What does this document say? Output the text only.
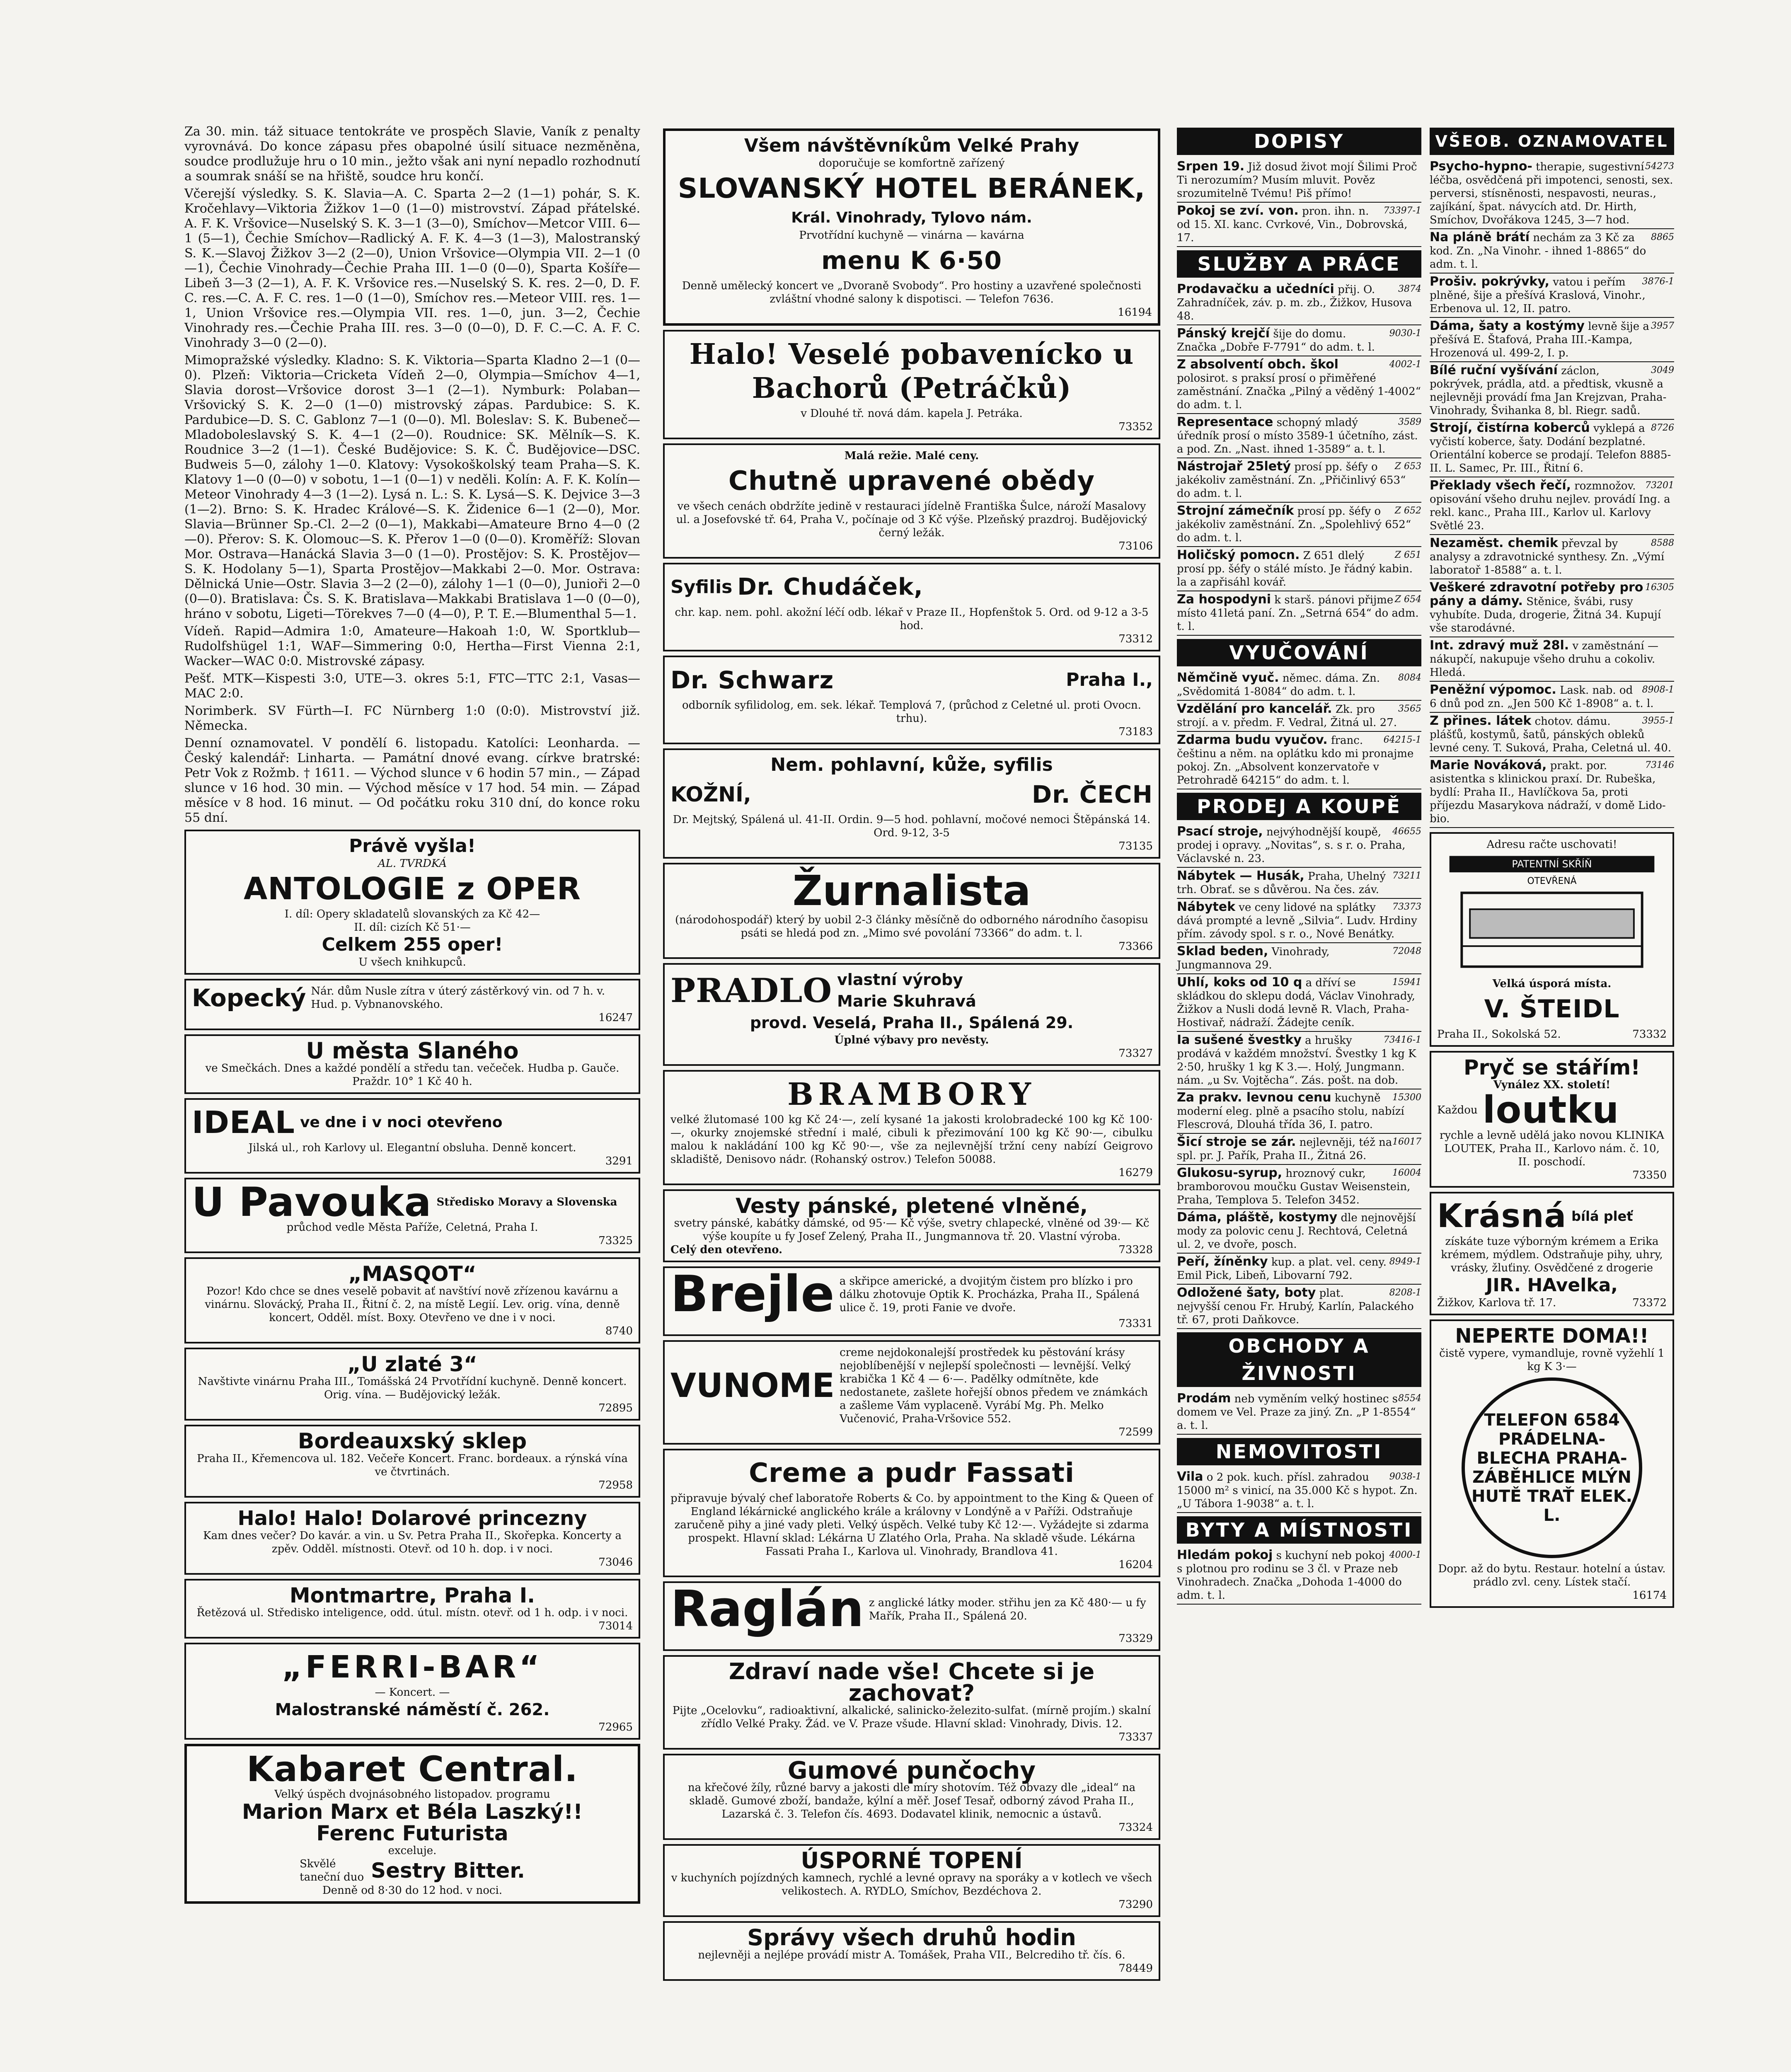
Za 30. min. táž situace tentokráte ve prospěch Slavie, Vaník z penalty vyrovnává. Do konce zápasu přes obapolné úsilí situace nezměněna, soudce prodlužuje hru o 10 min., ježto však ani nyní nepadlo rozhodnutí a soumrak snáší se na hřiště, soudce hru končí.

Včerejší výsledky. S. K. Slavia—A. C. Sparta 2—2 (1—1) pohár, S. K. Kročehlavy—Viktoria Žižkov 1—0 (1—0) mistrovství. Západ přátelské. A. F. K. Vršovice—Nuselský S. K. 3—1 (3—0), Smíchov—Metcor VIII. 6—1 (5—1), Čechie Smíchov—Radlický A. F. K. 4—3 (1—3), Malostranský S. K.—Slavoj Žižkov 3—2 (2—0), Union Vršovice—Olympia VII. 2—1 (0—1), Čechie Vinohrady—Čechie Praha III. 1—0 (0—0), Sparta Košíře—Libeň 3—3 (2—1), A. F. K. Vršovice res.—Nuselský S. K. res. 2—0, D. F. C. res.—C. A. F. C. res. 1—0 (1—0), Smíchov res.—Meteor VIII. res. 1—1, Union Vršovice res.—Olympia VII. res. 1—0, jun. 3—2, Čechie Vinohrady res.—Čechie Praha III. res. 3—0 (0—0), D. F. C.—C. A. F. C. Vinohrady 3—0 (2—0).

Mimopražské výsledky. Kladno: S. K. Viktoria—Sparta Kladno 2—1 (0—0). Plzeň: Viktoria—Cricketa Vídeň 2—0, Olympia—Smíchov 4—1, Slavia dorost—Vršovice dorost 3—1 (2—1). Nymburk: Polaban—Vršovický S. K. 2—0 (1—0) mistrovský zápas. Pardubice: S. K. Pardubice—D. S. C. Gablonz 7—1 (0—0). Ml. Boleslav: S. K. Bubeneč—Mladoboleslavský S. K. 4—1 (2—0). Roudnice: SK. Mělník—S. K. Roudnice 3—2 (1—1). České Budějovice: S. K. Č. Budějovice—DSC. Budweis 5—0, zálohy 1—0. Klatovy: Vysokoškolský team Praha—S. K. Klatovy 1—0 (0—0) v sobotu, 1—1 (0—1) v neděli. Kolín: A. F. K. Kolín—Meteor Vinohrady 4—3 (1—2). Lysá n. L.: S. K. Lysá—S. K. Dejvice 3—3 (1—2). Brno: S. K. Hradec Králové—S. K. Židenice 6—1 (2—0), Mor. Slavia—Brünner Sp.-Cl. 2—2 (0—1), Makkabi—Amateure Brno 4—0 (2—0). Přerov: S. K. Olomouc—S. K. Přerov 1—0 (0—0). Kroměříž: Slovan Mor. Ostrava—Hanácká Slavia 3—0 (1—0). Prostějov: S. K. Prostějov—S. K. Hodolany 5—1), Sparta Prostějov—Makkabi 2—0. Mor. Ostrava: Dělnická Unie—Ostr. Slavia 3—2 (2—0), zálohy 1—1 (0—0), Junioři 2—0 (0—0). Bratislava: Čs. S. K. Bratislava—Makkabi Bratislava 1—0 (0—0), hráno v sobotu, Ligeti—Törekves 7—0 (4—0), P. T. E.—Blumenthal 5—1.

Vídeň. Rapid—Admira 1:0, Amateure—Hakoah 1:0, W. Sportklub—Rudolfshügel 1:1, WAF—Simmering 0:0, Hertha—First Vienna 2:1, Wacker—WAC 0:0. Mistrovské zápasy.

Pešť. MTK—Kispesti 3:0, UTE—3. okres 5:1, FTC—TTC 2:1, Vasas—MAC 2:0.

Norimberk. SV Fürth—I. FC Nürnberg 1:0 (0:0). Mistrovství již. Německa.

Denní oznamovatel. V pondělí 6. listopadu. Katolíci: Leonharda. — Český kalendář: Linharta. — Památní dnové evang. církve bratrské: Petr Vok z Rožmb. † 1611. — Východ slunce v 6 hodin 57 min., — Západ slunce v 16 hod. 30 min. — Východ měsíce v 17 hod. 54 min. — Západ měsíce v 8 hod. 16 minut. — Od počátku roku 310 dní, do konce roku 55 dní.

Právě vyšla!
AL. TVRDKÁ
ANTOLOGIE z OPER
I. díl: Opery skladatelů slovanských za Kč 42—
II. díl: cizích Kč 51·—
Celkem 255 oper!
U všech knihkupců.
Kopecký Nár. dům Nusle zítra v úterý zástěrkový vin. od 7 h. v. Hud. p. Vybnanovského.
16247
U města Slaného
ve Smečkách. Dnes a každé pondělí a středu tan. večeček. Hudba p. Gauče. Praždr. 10° 1 Kč 40 h.
IDEAL ve dne i v noci otevřeno
Jilská ul., roh Karlovy ul. Elegantní obsluha. Denně koncert.
3291
U Pavouka Středisko Moravy a Slovenska
průchod vedle Města Paříže, Celetná, Praha I.
73325
„MASQOT“
Pozor! Kdo chce se dnes veselě pobavit ať navštíví nově zřízenou kavárnu a vinárnu. Slovácký, Praha II., Řitní č. 2, na místě Legií. Lev. orig. vína, denně koncert, Odděl. míst. Boxy. Otevřeno ve dne i v noci.
8740
„U zlaté 3“
Navštivte vinárnu Praha III., Tomášská 24 Prvotřídní kuchyně. Denně koncert. Orig. vína. — Budějovický ležák.
72895
Bordeauxský sklep
Praha II., Křemencova ul. 182. Večeře Koncert. Franc. bordeaux. a rýnská vína ve čtvrtinách.
72958
Halo! Halo! Dolarové princezny
Kam dnes večer? Do kavár. a vin. u Sv. Petra Praha II., Skořepka. Koncerty a zpěv. Odděl. místnosti. Otevř. od 10 h. dop. i v noci.
73046
Montmartre, Praha I.
Řetězová ul. Středisko inteligence, odd. útul. místn. otevř. od 1 h. odp. i v noci.
73014
„FERRI-BAR“
— Koncert. —
Malostranské náměstí č. 262.
72965
Kabaret Central.
Velký úspěch dvojnásobného listopadov. programu
Marion Marx et Béla Laszký!!
Ferenc Futurista
exceluje.
Skvělé taneční duo Sestry Bitter.
Denně od 8·30 do 12 hod. v noci.
Všem návštěvníkům Velké Prahy
doporučuje se komfortně zařízený
SLOVANSKÝ HOTEL BERÁNEK,
Král. Vinohrady, Tylovo nám.
Prvotřídní kuchyně — vinárna — kavárna
menu K 6·50
Denně umělecký koncert ve „Dvoraně Svobody“. Pro hostiny a uzavřené společnosti zvláštní vhodné salony k dispotisci. — Telefon 7636.
16194
Halo! Veselé pobavenícko u Bachorů (Petráčků)
v Dlouhé tř. nová dám. kapela J. Petráka.
73352
Malá režie. Malé ceny.
Chutně upravené obědy
ve všech cenách obdržíte jedině v restauraci jídelně Františka Šulce, nároží Masalovy ul. a Josefovské tř. 64, Praha V., počínaje od 3 Kč výše. Plzeňský prazdroj. Budějovický černý ležák.
73106
Syfilis Dr. Chudáček,
chr. kap. nem. pohl. akožní léčí odb. lékař v Praze II., Hopfenštok 5. Ord. od 9-12 a 3-5 hod.
73312
Dr. Schwarz	Praha I.,
odborník syfilidolog, em. sek. lékař. Templová 7, (průchod z Celetné ul. proti Ovocn. trhu).
73183
Nem. pohlavní, kůže, syfilis
KOŽNÍ,	Dr. ČECH
Dr. Mejtský, Spálená ul. 41-II. Ordin. 9—5 hod. pohlavní, močové nemoci Štěpánská 14. Ord. 9-12, 3-5
73135
Žurnalista
(národohospodář) který by uobil 2-3 články měsíčně do odborného národního časopisu psáti se hledá pod zn. „Mimo své povolání 73366“ do adm. t. l.
73366
PRADLO vlastní výroby
Marie Skuhravá
provd. Veselá, Praha II., Spálená 29.
Úplné výbavy pro nevěsty.
73327
BRAMBORY
velké žlutomasé 100 kg Kč 24·—, zelí kysané 1a jakosti krolobradecké 100 kg Kč 100·—, okurky znojemské střední i malé, cibuli k přezimování 100 kg Kč 90·—, cibulku malou k nakládání 100 kg Kč 90·—, vše za nejlevnější tržní ceny nabízí Geigrovo skladiště, Denisovo nádr. (Rohanský ostrov.) Telefon 50088.
16279
Vesty pánské, pletené vlněné,
svetry pánské, kabátky dámské, od 95·— Kč výše, svetry chlapecké, vlněné od 39·— Kč výše koupíte u fy Josef Zelený, Praha II., Jungmannova tř. 20. Vlastní výroba.
Celý den otevřeno.	73328
Brejle a skřipce americké, a dvojitým čistem pro blízko i pro dálku zhotovuje Optik K. Procházka, Praha II., Spálená ulice č. 19, proti Fanie ve dvoře.
73331
VUNOME
creme nejdokonalejší prostředek ku pěstování krásy nejoblíbenější v nejlepší společnosti — levnější. Velký krabička 1 Kč 4 — 6·—. Padělky odmítněte, kde nedostanete, zašlete hořejší obnos předem ve známkách a zašleme Vám vyplaceně. Vyrábí Mg. Ph. Melko Vučenović, Praha-Vršovice 552.
72599
Creme a pudr Fassati
připravuje bývalý chef laboratoře Roberts & Co. by appointment to the King & Queen of England lékárnické anglického krále a královny v Londýně a v Paříži. Odstraňuje zaručeně pihy a jiné vady pleti. Velký úspěch. Velké tuby Kč 12·—. Vyžádejte si zdarma prospekt. Hlavní sklad: Lékárna U Zlatého Orla, Praha. Na skladě všude. Lékárna Fassati Praha I., Karlova ul. Vinohrady, Brandlova 41.
16204
Raglán z anglické látky moder. střihu jen za Kč 480·— u fy Mařík, Praha II., Spálená 20.
73329
Zdraví nade vše! Chcete si je zachovat?
Pijte „Ocelovku“, radioaktivní, alkalické, salinicko-železito-sulfat. (mírně projím.) skalní zřídlo Velké Praky. Žád. ve V. Praze všude. Hlavní sklad: Vinohrady, Divis. 12.
73337
Gumové punčochy
na křečové žíly, různé barvy a jakosti dle míry shotovím. Též obvazy dle „ideal“ na skladě. Gumové zboží, bandaže, kýlní a měř. Josef Tesař, odborný závod Praha II., Lazarská č. 3. Telefon čís. 4693. Dodavatel klinik, nemocnic a ústavů.
73324
ÚSPORNÉ TOPENÍ
v kuchyních pojízdných kamnech, rychlé a levné opravy na sporáky a v kotlech ve všech velikostech. A. RYDLO, Smíchov, Bezdéchova 2.
73290
Správy všech druhů hodin
nejlevněji a nejlépe provádí mistr A. Tomášek, Praha VII., Belcrediho tř. čís. 6.
78449
DOPISY
Srpen 19. Již dosud život mojí Šilimi Proč Ti nerozumím? Musím mluvit. Pověz srozumitelně Tvému! Piš přímo!
73397-1
Pokoj se zví. von. pron. ihn. n. od 15. XI. kanc. Cvrkové, Vin., Dobrovská, 17.
SLUŽBY A PRÁCE
3874
Prodavačku a učedníci přij. O. Zahradníček, záv. p. m. zb., Žižkov, Husova 48.
9030-1
Pánský krejčí šije do domu. Značka „Dobře F-7791“ do adm. t. l.
4002-1
Z absolventí obch. škol polosirot. s praksí prosí o přiměřené zaměstnání. Značka „Pilný a věděný 1-4002“ do adm. t. l.
3589
Representace schopný mladý úředník prosí o místo 3589-1 účetního, zást. a pod. Zn. „Nast. ihned 1-3589“ a. t. l.
Z 653
Nástrojař 25letý prosí pp. šéfy o jakékoliv zaměstnání. Zn. „Přičinlivý 653“ do adm. t. l.
Z 652
Strojní zámečník prosí pp. šéfy o jakékoliv zaměstnání. Zn. „Spolehlivý 652“ do adm. t. l.
Z 651
Holičský pomocn. Z 651 dlelý prosí pp. šéfy o stálé místo. Je řádný kabin. la a zapřisáhl kovář.
Z 654
Za hospodyni k starš. pánovi přijme místo 41letá paní. Zn. „Setrná 654“ do adm. t. l.
VYUČOVÁNÍ
8084
Němčině vyuč. němec. dáma. Zn. „Svědomitá 1-8084“ do adm. t. l.
3565
Vzdělání pro kancelář. Zk. pro strojí. a v. předm. F. Vedral, Žitná ul. 27.
64215-1
Zdarma budu vyučov. franc. češtinu a něm. na oplátku kdo mi pronajme pokoj. Zn. „Absolvent konzervatoře v Petrohradě 64215“ do adm. t. l.
PRODEJ A KOUPĚ
46655
Psací stroje, nejvýhodnější koupě, prodej i opravy. „Novitas“, s. s r. o. Praha, Václavské n. 23.
73211
Nábytek — Husák, Praha, Uhelný trh. Obrať. se s důvěrou. Na čes. záv.
73373
Nábytek ve ceny lidové na splátky dává prompté a levně „Silvia“. Ludv. Hrdiny přím. závody spol. s r. o., Nové Benátky.
72048
Sklad beden, Vinohrady, Jungmannova 29.
15941
Uhlí, koks od 10 q a dříví se skládkou do sklepu dodá, Václav Vinohrady, Žižkov a Nusli dodá levně R. Vlach, Praha-Hostivař, nádraží. Žádejte ceník.
73416-1
Ia sušené švestky a hrušky prodává v každém množství. Švestky 1 kg K 2·50, hrušky 1 kg K 3.—. Holý, Jungmann. nám. „u Sv. Vojtěcha“. Zás. pošt. na dob.
15300
Za prakv. levnou cenu kuchyně moderní eleg. plně a psacího stolu, nabízí Flescrová, Dlouhá třída 36, I. patro.
16017
Šicí stroje se zár. nejlevněji, též na spl. pr. J. Pařík, Praha II., Žitná 26.
16004
Glukosu-syrup, hroznový cukr, bramborovou moučku Gustav Weisenstein, Praha, Templova 5. Telefon 3452.
Dáma, pláště, kostymy dle nejnovější mody za polovic cenu J. Rechtová, Celetná ul. 2, ve dvoře, posch.
8949-1
Peří, žíněnky kup. a plat. vel. ceny. Emil Pick, Libeň, Libovarní 792.
8208-1
Odložené šaty, boty plat. nejvyšší cenou Fr. Hrubý, Karlín, Palackého tř. 67, proti Daňkovce.
OBCHODY A ŽIVNOSTI
8554
Prodám neb vyměním velký hostinec s domem ve Vel. Praze za jiný. Zn. „P 1-8554“ a. t. l.
NEMOVITOSTI
9038-1
Vila o 2 pok. kuch. přísl. zahradou 15000 m² s vinicí, na 35.000 Kč s hypot. Zn. „U Tábora 1-9038“ a. t. l.
BYTY A MÍSTNOSTI
4000-1
Hledám pokoj s kuchyní neb pokoj s plotnou pro rodinu se 3 čl. v Praze neb Vinohradech. Značka „Dohoda 1-4000 do adm. t. l.
VŠEOB. OZNAMOVATEL
54273
Psycho-hypno- therapie, sugestivní léčba, osvědčená při impotenci, senosti, sex. perversi, stísněnosti, nespavosti, neuras., zajíkání, špat. návycích atd. Dr. Hirth, Smíchov, Dvořákova 1245, 3—7 hod.
8865
Na pláně brátí nechám za 3 Kč za kod. Zn. „Na Vinohr. - ihned 1-8865“ do adm. t. l.
3876-1
Prošiv. pokrývky, vatou i peřím plněné, šije a přešívá Kraslová, Vinohr., Erbenova ul. 12, II. patro.
3957
Dáma, šaty a kostýmy levně šije a přešívá E. Štafová, Praha III.-Kampa, Hrozenová ul. 499-2, I. p.
3049
Bílé ruční vyšívání záclon, pokrývek, prádla, atd. a předtisk, vkusně a nejlevněji provádí fma Jan Krejzvan, Praha-Vinohrady, Švihanka 8, bl. Riegr. sadů.
8726
Strojí, čistírna koberců vyklepá a vyčistí koberce, šaty. Dodání bezplatné. Orientální koberce se prodají. Telefon 8885-II. L. Samec, Pr. III., Řitní 6.
73201
Překlady všech řečí, rozmnožov. opisování všeho druhu nejlev. provádí Ing. a rekl. kanc., Praha III., Karlov ul. Karlovy Světlé 23.
8588
Nezaměst. chemik převzal by analysy a zdravotnické synthesy. Zn. „Výmí laboratoř 1-8588“ a. t. l.
16305
Veškeré zdravotní potřeby pro pány a dámy. Stěnice, švábi, rusy vyhubíte. Duda, drogerie, Žitná 34. Kupují vše starodávné.
Int. zdravý muž 28l. v zaměstnání — nákupčí, nakupuje všeho druhu a cokoliv. Hledá.
8908-1
Peněžní výpomoc. Lask. nab. od 6 dnů pod zn. „Jen 500 Kč 1-8908“ a. t. l.
3955-1
Z přines. látek chotov. dámu. plášťů, kostymů, šatů, pánských obleků levné ceny. T. Suková, Praha, Celetná ul. 40.
73146
Marie Nováková, prakt. por. asistentka s klinickou praxí. Dr. Rubeška, bydlí: Praha II., Havlíčkova 5a, proti příjezdu Masarykova nádraží, v domě Lido-bio.
Adresu račte uschovati!
PATENTNÍ SKŘÍŇ
OTEVŘENÁ
Velká úsporá místa.
V. ŠTEIDL
Praha II., Sokolská 52.	73332
Pryč se stářím!
Vynález XX. století!
Každou loutku
rychle a levně udělá jako novou KLINIKA LOUTEK, Praha II., Karlovo nám. č. 10, II. poschodí.
73350
Krásná bílá pleť
získáte tuze výborným krémem a Erika krémem, mýdlem. Odstraňuje pihy, uhry, vrásky, žluťiny. Osvědčené z drogerie
JIR. HAvelka,
Žižkov, Karlova tř. 17.	73372
NEPERTE DOMA!!
čistě vypere, vymandluje, rovně vyžehlí 1 kg K 3·—
TELEFON 6584 PRÁDELNA-BLECHA PRAHA-ZÁBĚHLICE MLÝN HUTĚ TRAŤ ELEK. L.
Dopr. až do bytu. Restaur. hotelní a ústav. prádlo zvl. ceny. Lístek stačí.
16174
